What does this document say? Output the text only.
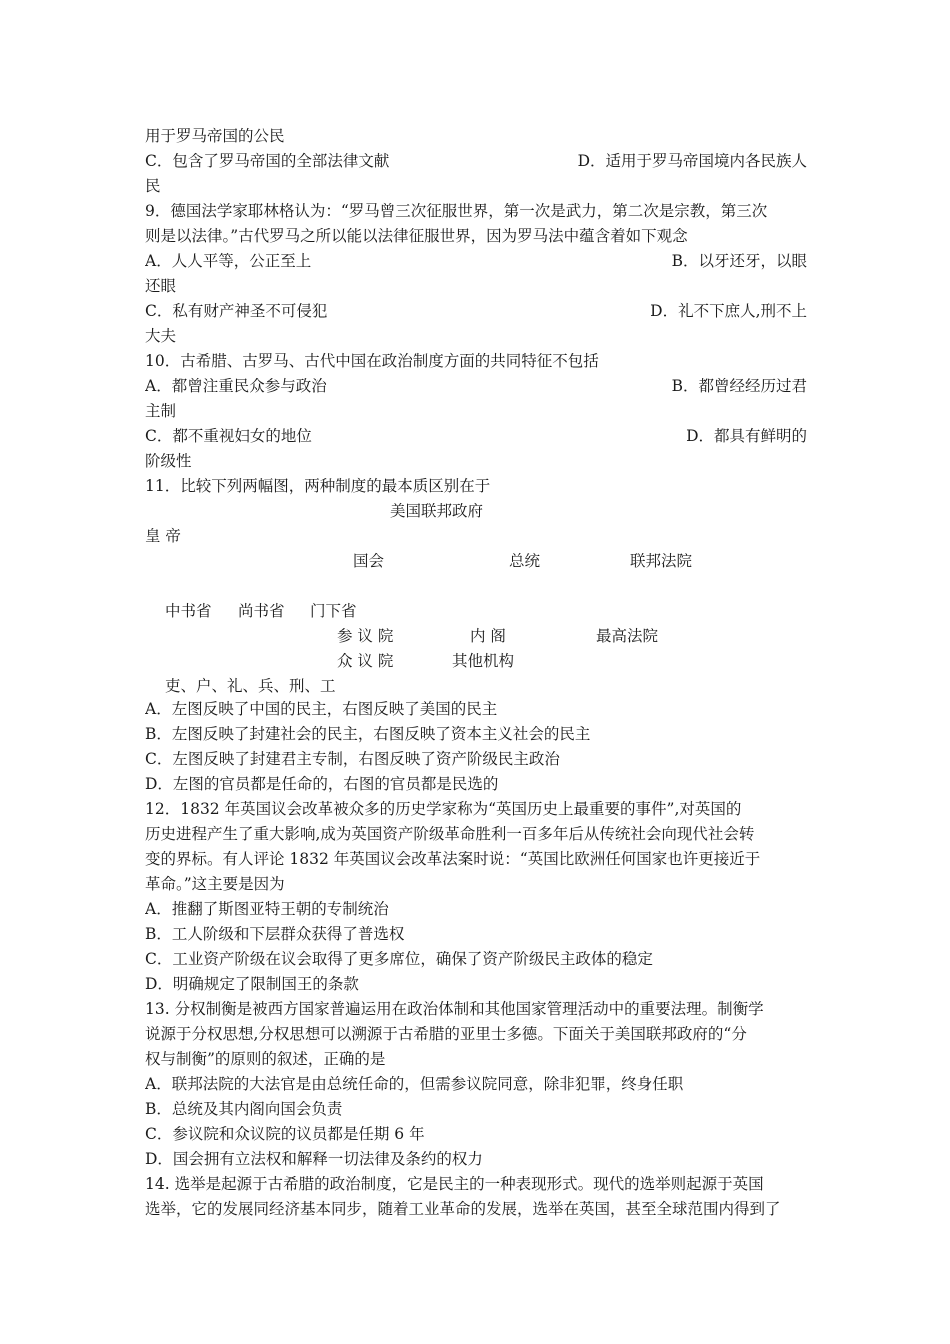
用于罗马帝国的公民
C．包含了罗马帝国的全部法律文献	D．适用于罗马帝国境内各民族人
民
9．德国法学家耶林格认为：“罗马曾三次征服世界，第一次是武力，第二次是宗教，第三次
则是以法律。”古代罗马之所以能以法律征服世界，因为罗马法中蕴含着如下观念
A．人人平等，公正至上	B．以牙还牙，以眼
还眼
C．私有财产神圣不可侵犯	D．礼不下庶人,刑不上
大夫
10．古希腊、古罗马、古代中国在政治制度方面的共同特征不包括
A．都曾注重民众参与政治	B．都曾经经历过君
主制
C．都不重视妇女的地位	D．都具有鲜明的
阶级性
11．比较下列两幅图，两种制度的最本质区别在于
美国联邦政府
皇 帝
国会	总统	联邦法院
中书省 尚书省 门下省
参 议 院	内 阁	最高法院
众 议 院	其他机构
吏、户、礼、兵、刑、工
A．左图反映了中国的民主，右图反映了美国的民主
B．左图反映了封建社会的民主，右图反映了资本主义社会的民主
C．左图反映了封建君主专制，右图反映了资产阶级民主政治
D．左图的官员都是任命的，右图的官员都是民选的
12．1832 年英国议会改革被众多的历史学家称为“英国历史上最重要的事件”,对英国的
历史进程产生了重大影响,成为英国资产阶级革命胜利一百多年后从传统社会向现代社会转
变的界标。有人评论 1832 年英国议会改革法案时说：“英国比欧洲任何国家也许更接近于
革命。”这主要是因为
A．推翻了斯图亚特王朝的专制统治
B．工人阶级和下层群众获得了普选权
C．工业资产阶级在议会取得了更多席位，确保了资产阶级民主政体的稳定
D．明确规定了限制国王的条款
13. 分权制衡是被西方国家普遍运用在政治体制和其他国家管理活动中的重要法理。制衡学
说源于分权思想,分权思想可以溯源于古希腊的亚里士多德。下面关于美国联邦政府的“分
权与制衡”的原则的叙述，正确的是
A．联邦法院的大法官是由总统任命的，但需参议院同意，除非犯罪，终身任职
B．总统及其内阁向国会负责
C．参议院和众议院的议员都是任期 6 年
D．国会拥有立法权和解释一切法律及条约的权力
14. 选举是起源于古希腊的政治制度，它是民主的一种表现形式。现代的选举则起源于英国
选举，它的发展同经济基本同步，随着工业革命的发展，选举在英国，甚至全球范围内得到了
